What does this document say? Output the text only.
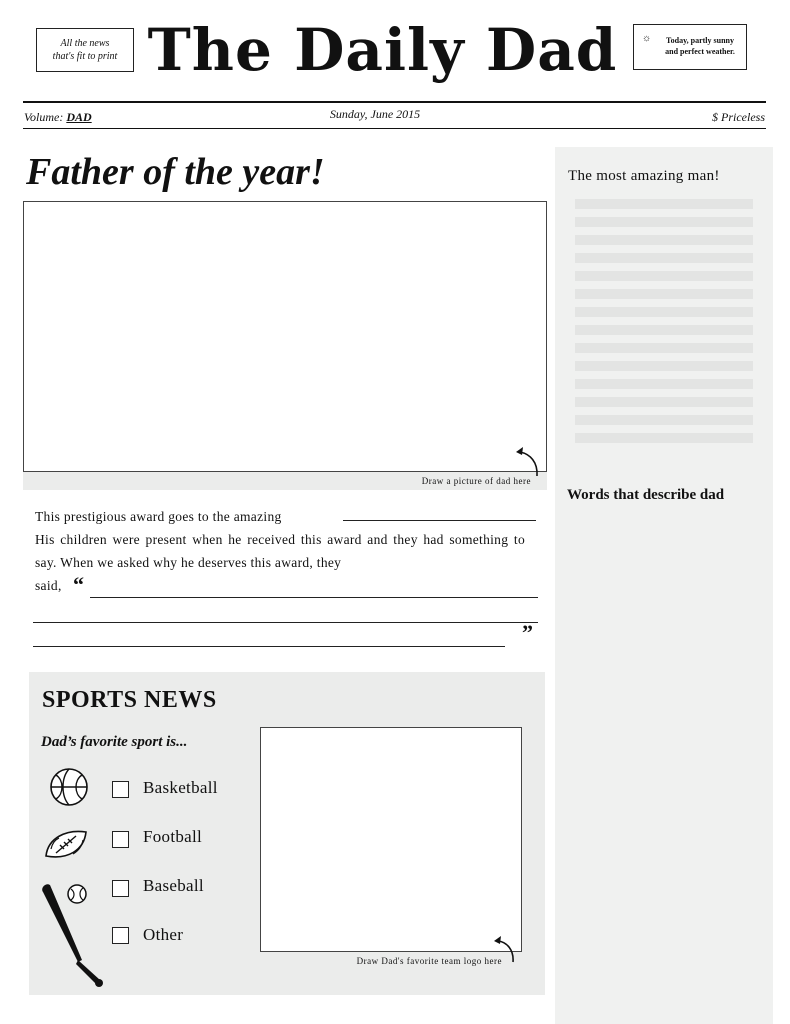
All the news
that's fit to print The Daily Dad	☼	Today, partly sunny
and perfect weather.
Volume: DAD	Sunday, June 2015	$ Priceless
The most amazing man!
Words that describe dad
Father of the year!
Draw a picture of dad here
This prestigious award goes to the amazing
His children were present when he received this award and they had something to say. When we asked why he deserves this award, they
said, “
”
SPORTS NEWS
Dad’s favorite sport is...
Basketball
Football
Baseball
Other
Draw Dad's favorite team logo here
